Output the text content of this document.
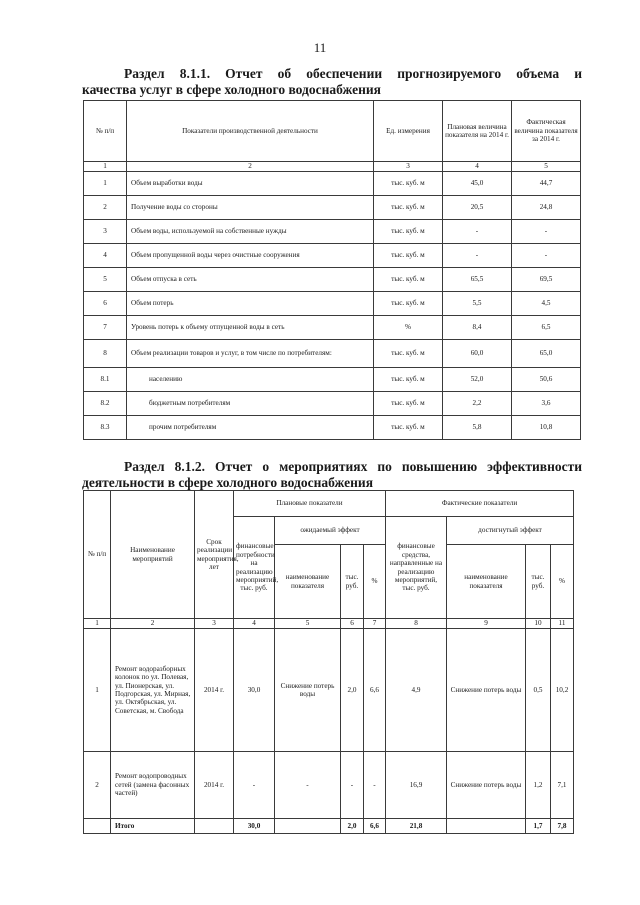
11
Раздел 8.1.1. Отчет об обеспечении прогнозируемого объема и
качества услуг в сфере холодного водоснабжения
№ п/п	Показатели производственной деятельности	Ед. измерения	Плановая величина показателя на 2014 г.	Фактическая величина показателя за 2014 г.
1	2	3	4	5
1	Объем выработки воды	тыс. куб. м	45,0	44,7
2	Получение воды со стороны	тыс. куб. м	20,5	24,8
3	Объем воды, используемой на собственные нужды	тыс. куб. м	-	-
4	Объем пропущенной воды через очистные сооружения	тыс. куб. м	-	-
5	Объем отпуска в сеть	тыс. куб. м	65,5	69,5
6	Объем потерь	тыс. куб. м	5,5	4,5
7	Уровень потерь к объему отпущенной воды в сеть	%	8,4	6,5
8	Объем реализации товаров и услуг, в том числе по потребителям:	тыс. куб. м	60,0	65,0
8.1	населению	тыс. куб. м	52,0	50,6
8.2	бюджетным потребителям	тыс. куб. м	2,2	3,6
8.3	прочим потребителям	тыс. куб. м	5,8	10,8
Раздел 8.1.2. Отчет о мероприятиях по повышению эффективности
деятельности в сфере холодного водоснабжения
№ п/п	Наименование мероприятий	Срок реализации мероприятия, лет	Плановые показатели				Фактические показатели			
			финансовые потребности на реализацию мероприятий, тыс. руб.	ожидаемый эффект			финансовые средства, направленные на реализацию мероприятий, тыс. руб.	достигнутый эффект		
				наименование показателя	тыс. руб.	%		наименование показателя	тыс. руб.	%
1	2	3	4	5	6	7	8	9	10	11
1	Ремонт водоразборных колонок по ул. Полевая, ул. Пионерская, ул. Подгорская, ул. Мирная, ул. Октябрьская, ул. Советская, м. Свобода	2014 г.	30,0	Снижение потерь воды	2,0	6,6	4,9	Снижение потерь воды	0,5	10,2
2	Ремонт водопроводных сетей (замена фасонных частей)	2014 г.	-	-	-	-	16,9	Снижение потерь воды	1,2	7,1
	Итого		30,0		2,0	6,6	21,8		1,7	7,8
